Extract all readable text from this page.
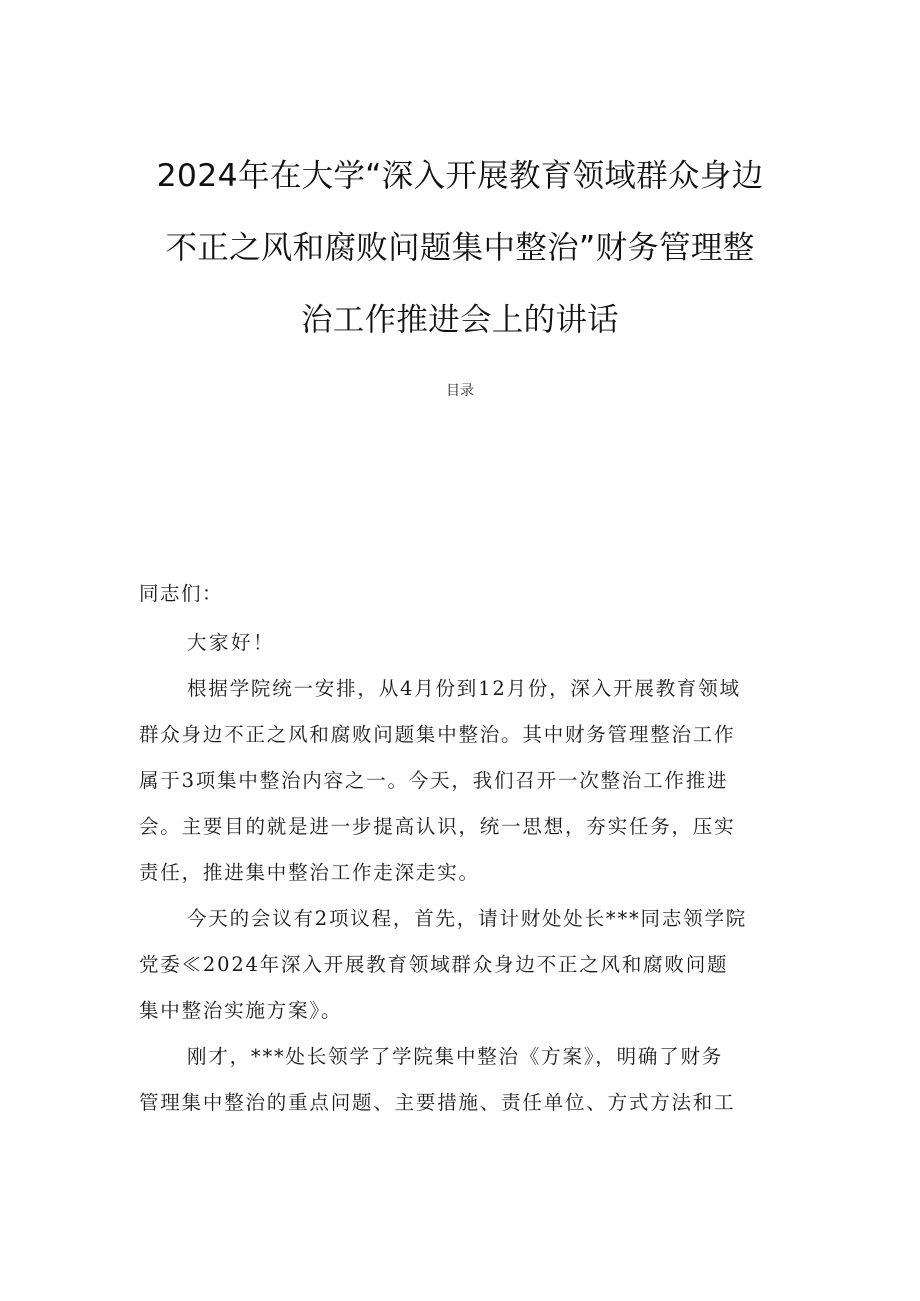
2024年在大学“深入开展教育领域群众身边
不正之风和腐败问题集中整治”财务管理整
治工作推进会上的讲话
目录

同志们：

大家好！

根据学院统一安排，从4月份到12月份，深入开展教育领域
群众身边不正之风和腐败问题集中整治。其中财务管理整治工作
属于3项集中整治内容之一。今天，我们召开一次整治工作推进
会。主要目的就是进一步提高认识，统一思想，夯实任务，压实
责任，推进集中整治工作走深走实。

今天的会议有2项议程，首先，请计财处处长***同志领学院
党委≪2024年深入开展教育领域群众身边不正之风和腐败问题
集中整治实施方案》。

刚才，***处长领学了学院集中整治《方案》，明确了财务
管理集中整治的重点问题、主要措施、责任单位、方式方法和工
